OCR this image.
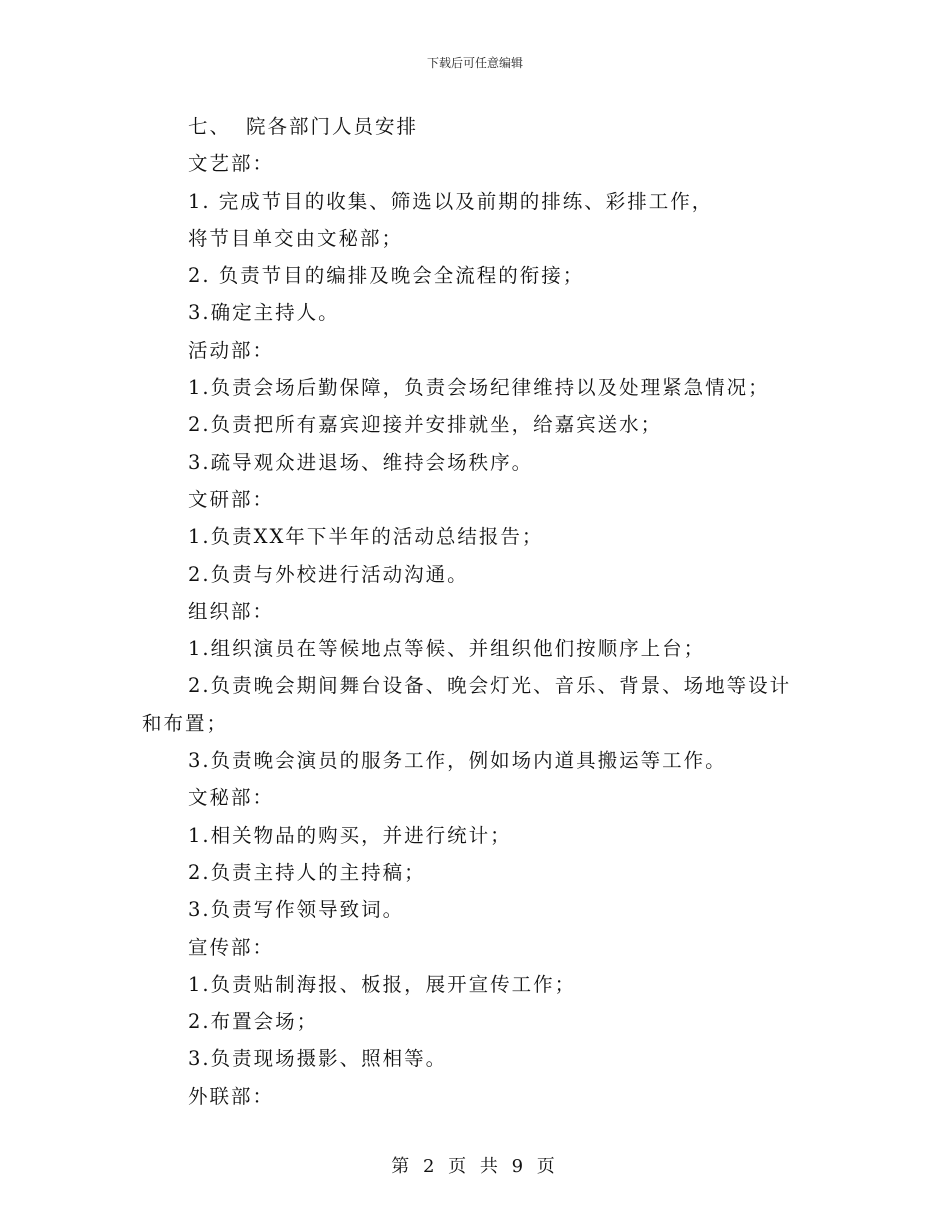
下载后可任意编辑
七、 院各部门人员安排
文艺部：
1. 完成节目的收集、筛选以及前期的排练、彩排工作，
将节目单交由文秘部；
2. 负责节目的编排及晚会全流程的衔接；
3.确定主持人。
活动部：
1.负责会场后勤保障，负责会场纪律维持以及处理紧急情况；
2.负责把所有嘉宾迎接并安排就坐，给嘉宾送水；
3.疏导观众进退场、维持会场秩序。
文研部：
1.负责XX年下半年的活动总结报告；
2.负责与外校进行活动沟通。
组织部：
1.组织演员在等候地点等候、并组织他们按顺序上台；
2.负责晚会期间舞台设备、晚会灯光、音乐、背景、场地等设计
和布置；
3.负责晚会演员的服务工作，例如场内道具搬运等工作。
文秘部：
1.相关物品的购买，并进行统计；
2.负责主持人的主持稿；
3.负责写作领导致词。
宣传部：
1.负责贴制海报、板报，展开宣传工作；
2.布置会场；
3.负责现场摄影、照相等。
外联部：
第 2 页 共 9 页
